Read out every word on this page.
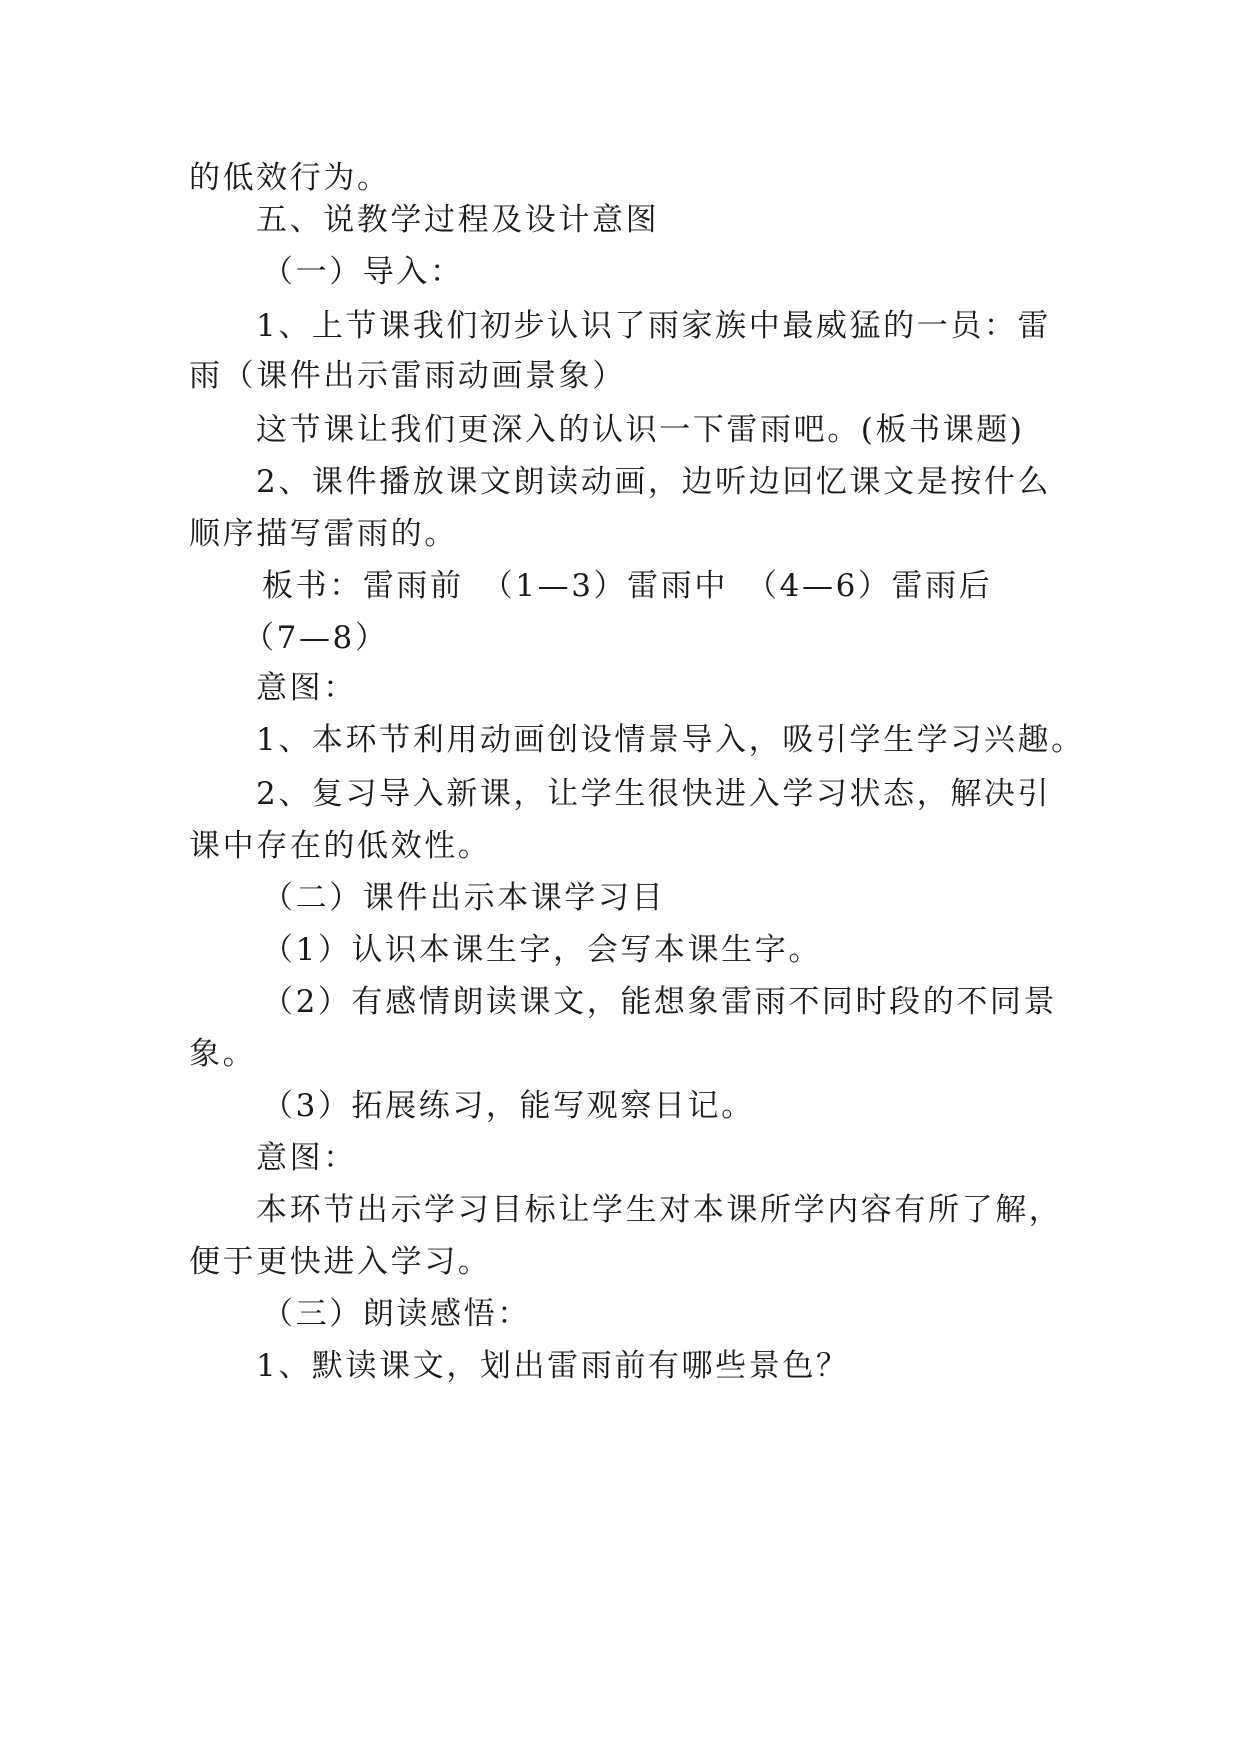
的低效行为。
五、说教学过程及设计意图
（一）导入：
1、上节课我们初步认识了雨家族中最威猛的一员：雷
雨（课件出示雷雨动画景象）
这节课让我们更深入的认识一下雷雨吧。(板书课题)
2、课件播放课文朗读动画，边听边回忆课文是按什么
顺序描写雷雨的。
板书：雷雨前　（1—3）雷雨中　（4—6）雷雨后
（7—8）
意图：
1、本环节利用动画创设情景导入，吸引学生学习兴趣。
2、复习导入新课，让学生很快进入学习状态，解决引
课中存在的低效性。
（二）课件出示本课学习目
（1）认识本课生字，会写本课生字。
（2）有感情朗读课文，能想象雷雨不同时段的不同景
象。
（3）拓展练习，能写观察日记。
意图：
本环节出示学习目标让学生对本课所学内容有所了解，
便于更快进入学习。
（三）朗读感悟：
1、默读课文，划出雷雨前有哪些景色？
